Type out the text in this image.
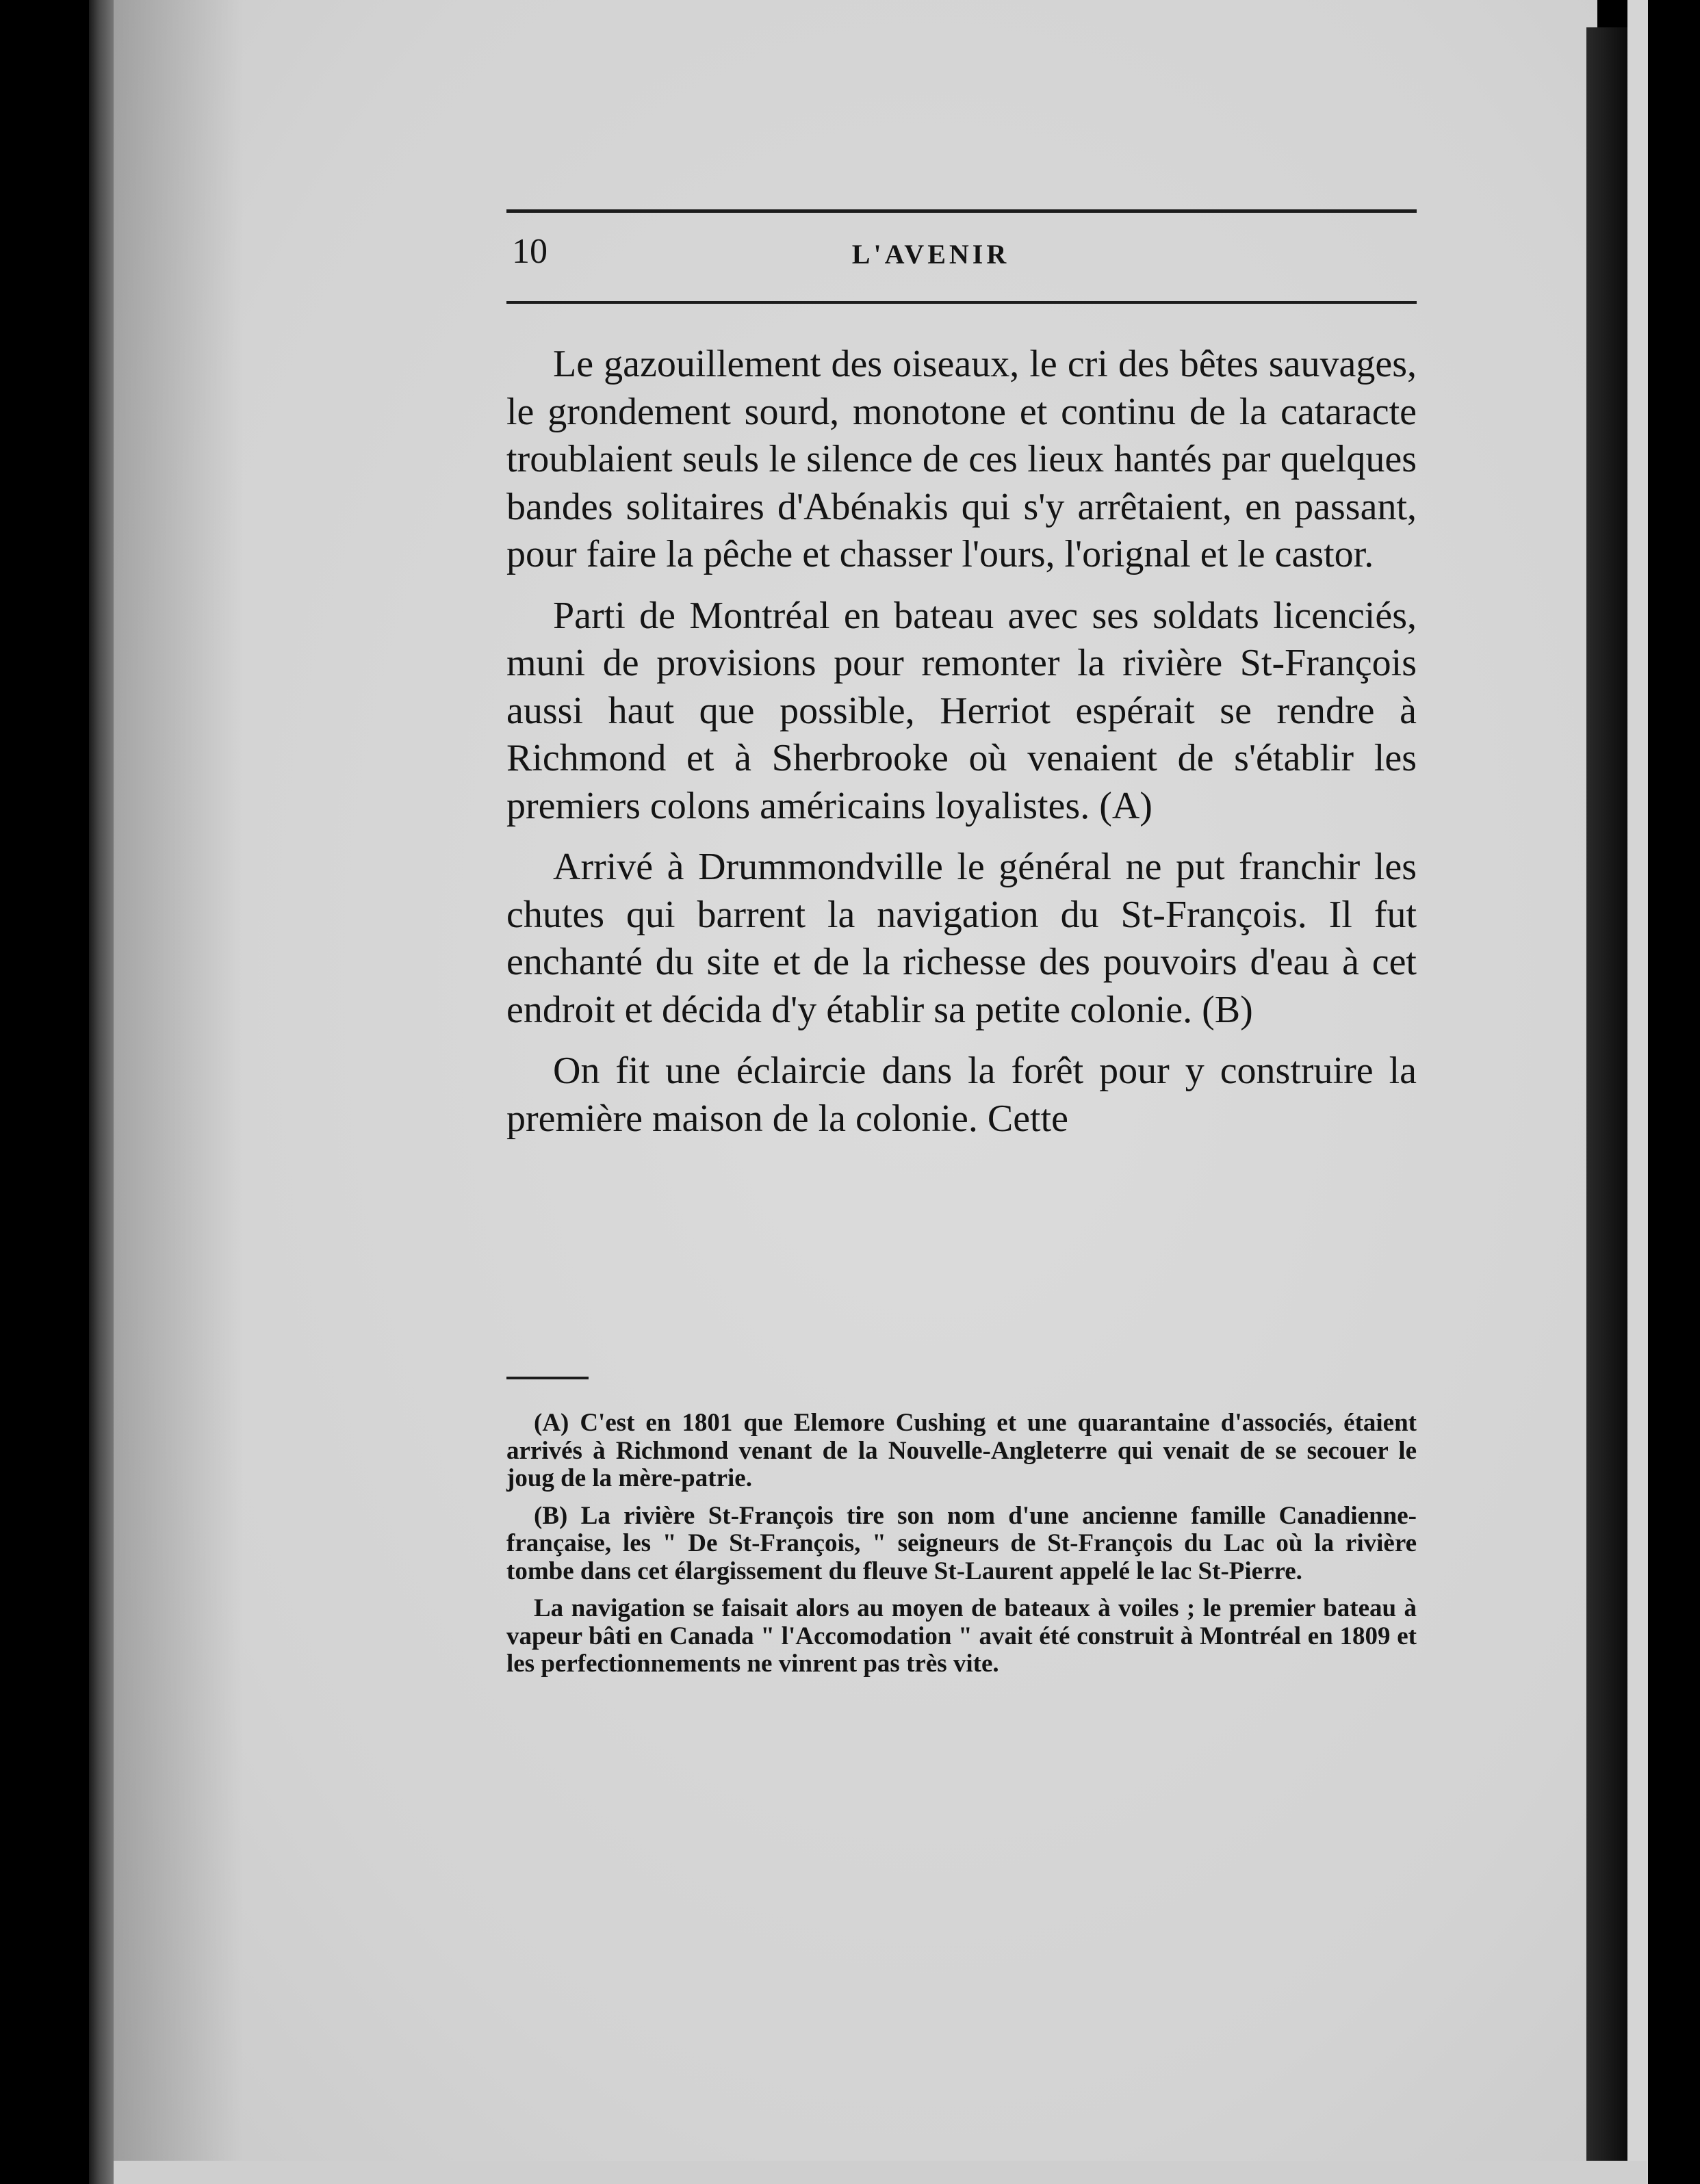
10	L'AVENIR

Le gazouillement des oiseaux, le cri des bêtes sauvages, le grondement sourd, monotone et continu de la cataracte troublaient seuls le silence de ces lieux hantés par quelques bandes solitaires d'Abénakis qui s'y arrêtaient, en passant, pour faire la pêche et chasser l'ours, l'orignal et le castor.

Parti de Montréal en bateau avec ses soldats licenciés, muni de provisions pour remonter la rivière St-François aussi haut que possible, Herriot espérait se rendre à Richmond et à Sherbrooke où venaient de s'établir les premiers colons américains loyalistes. (A)

Arrivé à Drummondville le général ne put franchir les chutes qui barrent la navigation du St-François. Il fut enchanté du site et de la richesse des pouvoirs d'eau à cet endroit et décida d'y établir sa petite colonie. (B)

On fit une éclaircie dans la forêt pour y construire la première maison de la colonie. Cette

(A) C'est en 1801 que Elemore Cushing et une quarantaine d'associés, étaient arrivés à Richmond venant de la Nouvelle-Angleterre qui venait de se secouer le joug de la mère-patrie.

(B) La rivière St-François tire son nom d'une ancienne famille Canadienne-française, les " De St-François, " seigneurs de St-François du Lac où la rivière tombe dans cet élargissement du fleuve St-Laurent appelé le lac St-Pierre.

La navigation se faisait alors au moyen de bateaux à voiles ; le premier bateau à vapeur bâti en Canada " l'Accomodation " avait été construit à Montréal en 1809 et les perfectionnements ne vinrent pas très vite.
